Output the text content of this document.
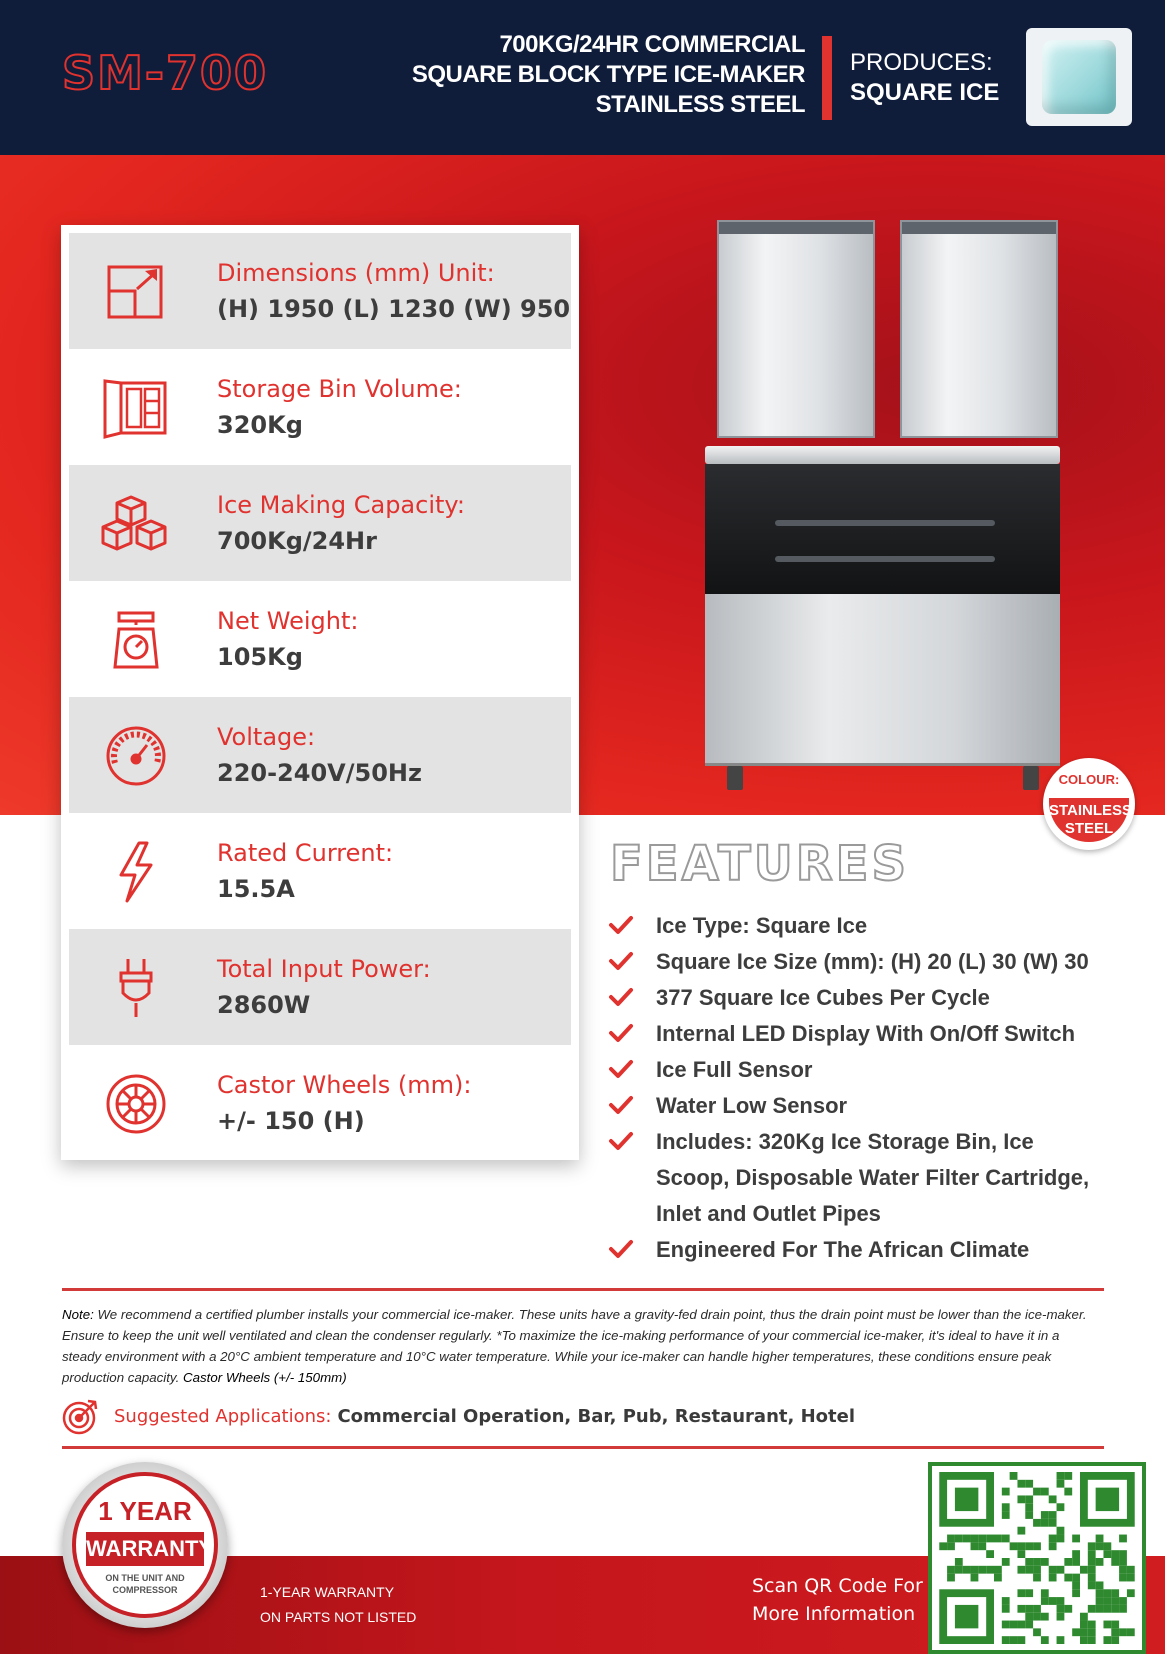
SM-700
700KG/24HR COMMERCIAL
SQUARE BLOCK TYPE ICE-MAKER
STAINLESS STEEL
PRODUCES:
SQUARE ICE
COLOUR:
STAINLESS
STEEL
Dimensions (mm) Unit:
(H) 1950 (L) 1230 (W) 950
Storage Bin Volume:
320Kg
Ice Making Capacity:
700Kg/24Hr
Net Weight:
105Kg
Voltage:
220-240V/50Hz
Rated Current:
15.5A
Total Input Power:
2860W
Castor Wheels (mm):
+/- 150 (H)
FEATURES
Ice Type: Square Ice
Square Ice Size (mm): (H) 20 (L) 30 (W) 30
377 Square Ice Cubes Per Cycle
Internal LED Display With On/Off Switch
Ice Full Sensor
Water Low Sensor
Includes: 320Kg Ice Storage Bin, Ice Scoop, Disposable Water Filter Cartridge, Inlet and Outlet Pipes
Engineered For The African Climate
Note: We recommend a certified plumber installs your commercial ice-maker. These units have a gravity-fed drain point, thus the drain point must be lower than the ice-maker. Ensure to keep the unit well ventilated and clean the condenser regularly. *To maximize the ice-making performance of your commercial ice-maker, it's ideal to have it in a steady environment with a 20°C ambient temperature and 10°C water temperature. While your ice-maker can handle higher temperatures, these conditions ensure peak production capacity. Castor Wheels (+/- 150mm)
Suggested Applications: Commercial Operation, Bar, Pub, Restaurant, Hotel
1-YEAR WARRANTY
ON PARTS NOT LISTED
Scan QR Code For
More Information
1 YEAR
WARRANTY
ON THE UNIT AND
COMPRESSOR
